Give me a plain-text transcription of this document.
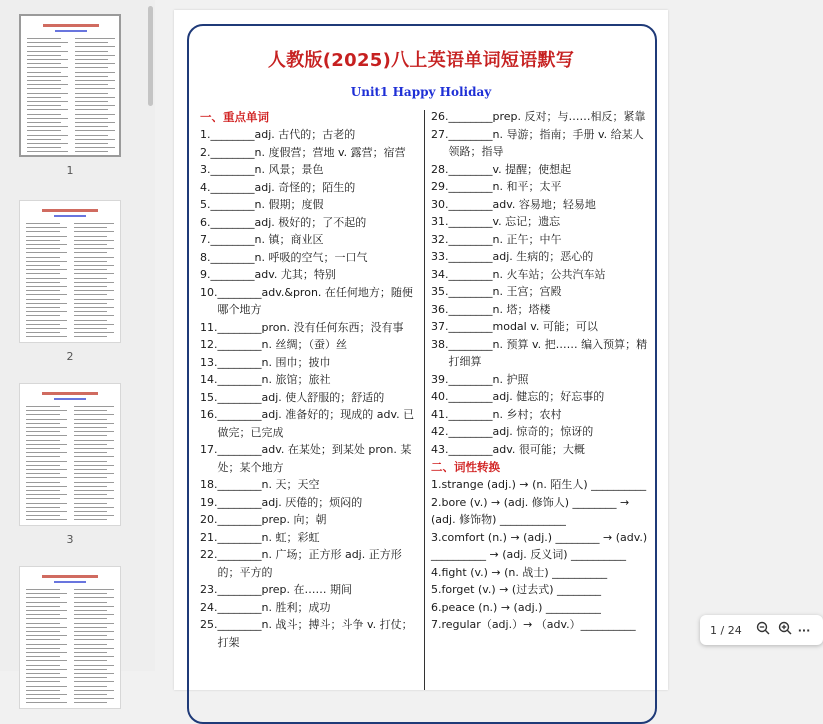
1
2
3
人教版(2025)八上英语单词短语默写
Unit1 Happy Holiday
一、重点单词
1. ________adj. 古代的；古老的
2. ________n. 度假营；营地 v. 露营；宿营
3. ________n. 风景；景色
4. ________adj. 奇怪的；陌生的
5. ________n. 假期；度假
6. ________adj. 极好的；了不起的
7. ________n. 镇；商业区
8. ________n. 呼吸的空气；一口气
9. ________adv. 尤其；特别
10. ________adv.&pron. 在任何地方；随便哪个地方
11. ________pron. 没有任何东西；没有事
12. ________n. 丝绸；（蚕）丝
13. ________n. 围巾；披巾
14. ________n. 旅馆；旅社
15. ________adj. 使人舒服的；舒适的
16. ________adj. 准备好的；现成的 adv. 已做完；已完成
17. ________adv. 在某处；到某处 pron. 某处；某个地方
18. ________n. 天；天空
19. ________adj. 厌倦的；烦闷的
20. ________prep. 向；朝
21. ________n. 虹；彩虹
22. ________n. 广场；正方形 adj. 正方形的；平方的
23. ________prep. 在…… 期间
24. ________n. 胜利；成功
25. ________n. 战斗；搏斗；斗争 v. 打仗；打架
26. ________prep. 反对；与……相反；紧靠
27. ________n. 导游；指南；手册 v. 给某人领路；指导
28. ________v. 提醒；使想起
29. ________n. 和平；太平
30. ________adv. 容易地；轻易地
31. ________v. 忘记；遗忘
32. ________n. 正午；中午
33. ________adj. 生病的；恶心的
34. ________n. 火车站；公共汽车站
35. ________n. 王宫；宫殿
36. ________n. 塔；塔楼
37. ________modal v. 可能；可以
38. ________n. 预算 v. 把…… 编入预算；精打细算
39. ________n. 护照
40. ________adj. 健忘的；好忘事的
41. ________n. 乡村；农村
42. ________adj. 惊奇的；惊讶的
43. ________adv. 很可能；大概
二、词性转换
1.strange (adj.) → (n. 陌生人) __________
2.bore (v.) → (adj. 修饰人) ________ → (adj. 修饰物) ____________
3.comfort (n.) → (adj.) ________ → (adv.) __________ → (adj. 反义词) __________
4.fight (v.) → (n. 战士) __________
5.forget (v.) → (过去式) ________
6.peace (n.) → (adj.) __________
7.regular（adj.）→ （adv.）__________	1 / 24	···
